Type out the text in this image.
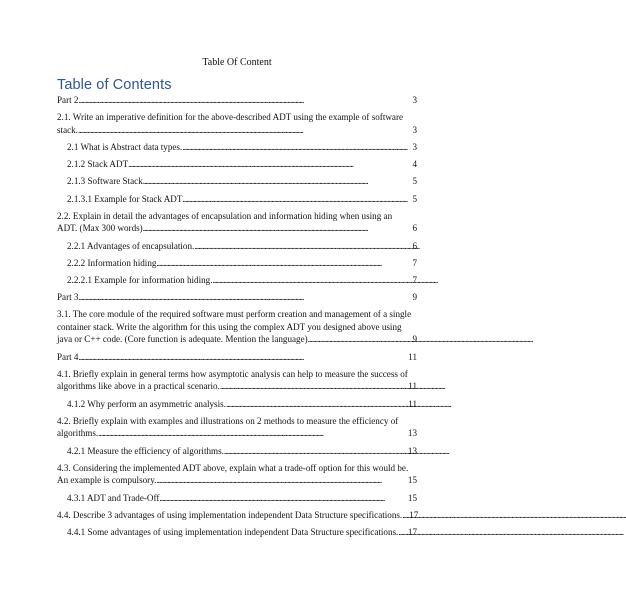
Table Of Content
Table of Contents
Part 2 . . .	3
2.1. Write an imperative definition for the above-described ADT using the example of software
stack. . . .	3
2.1 What is Abstract data types. . . .	3
2.1.2 Stack ADT . . .	4
2.1.3 Software Stack . . .	5
2.1.3.1 Example for Stack ADT . . .	5
2.2. Explain in detail the advantages of encapsulation and information hiding when using an
ADT. (Max 300 words) . . .	6
2.2.1 Advantages of encapsulation. . . .	6
2.2.2 Information hiding . . .	7
2.2.2.1 Example for information hiding. . . .	7
Part 3 . . .	9
3.1. The core module of the required software must perform creation and management of a single
container stack. Write the algorithm for this using the complex ADT you designed above using
java or C++ code. (Core function is adequate. Mention the language) . . .	9
Part 4 . . .	11
4.1. Briefly explain in general terms how asymptotic analysis can help to measure the success of
algorithms like above in a practical scenario. . . .	11
4.1.2 Why perform an asymmetric analysis. . . .	11
4.2. Briefly explain with examples and illustrations on 2 methods to measure the efficiency of
algorithms. . . .	13
4.2.1 Measure the efficiency of algorithms. . . .	13
4.3. Considering the implemented ADT above, explain what a trade-off option for this would be.
An example is compulsory. . . .	15
4.3.1 ADT and Trade-Off . . .	15
4.4. Describe 3 advantages of using implementation independent Data Structure specifications. . . . 17
4.4.1 Some advantages of using implementation independent Data Structure specifications. . . . 17
